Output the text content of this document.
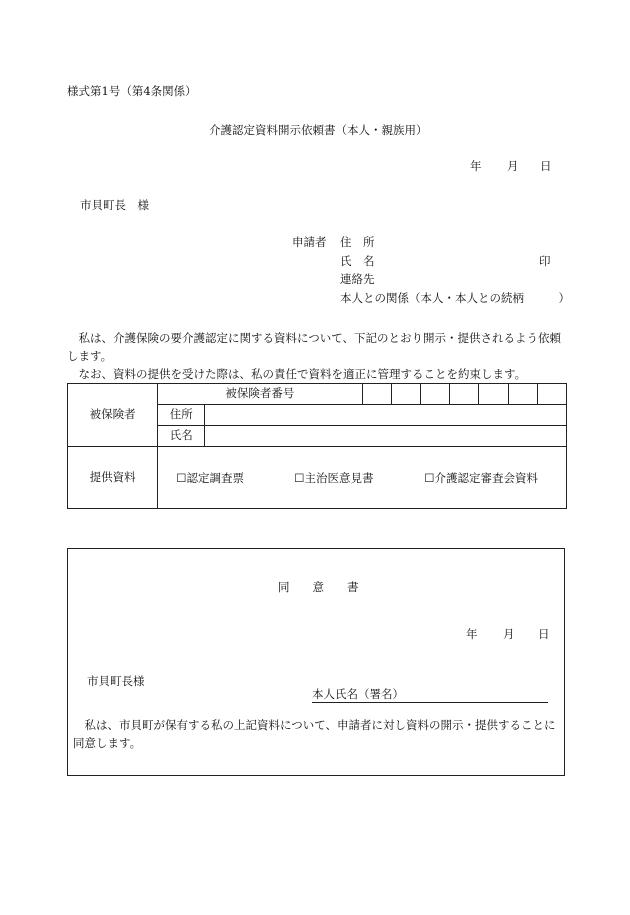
様式第1号（第4条関係）
介護認定資料開示依頼書（本人・親族用）
年 月 日
市貝町長　様
申請者 住　所
氏　名	印
連絡先
本人との関係（本人・本人との続柄　　　）
私は、介護保険の要介護認定に関する資料について、下記のとおり開示・提供されるよう依頼します。
なお、資料の提供を受けた際は、私の責任で資料を適正に管理することを約束します。
被保険者	被保険者番号								
	住所								
	氏名								
提供資料	☐認定調査票 ☐主治医意見書 ☐介護認定審査会資料								
同　　意　　書
年 月 日
市貝町長様
本人氏名（署名）
私は、市貝町が保有する私の上記資料について、申請者に対し資料の開示・提供することに同意します。
